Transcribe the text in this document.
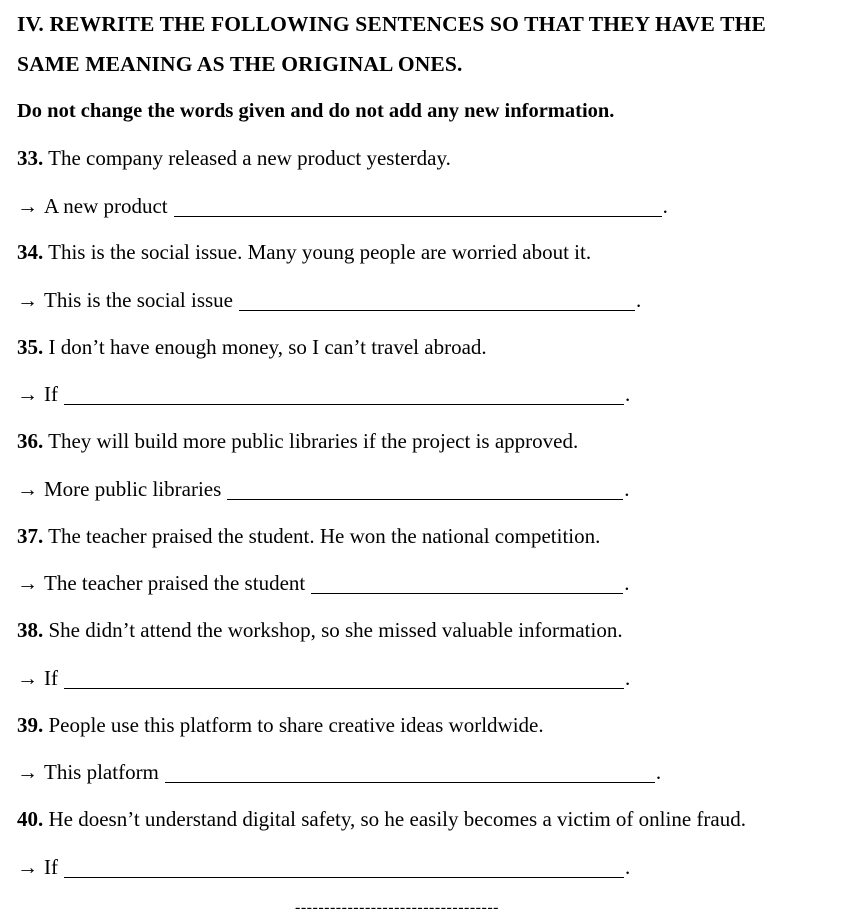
IV. REWRITE THE FOLLOWING SENTENCES SO THAT THEY HAVE THE
SAME MEANING AS THE ORIGINAL ONES.
Do not change the words given and do not add any new information.
33. The company released a new product yesterday.
→ A new product	.
34. This is the social issue. Many young people are worried about it.
→ This is the social issue	.
35. I don’t have enough money, so I can’t travel abroad.
→ If	.
36. They will build more public libraries if the project is approved.
→ More public libraries	.
37. The teacher praised the student. He won the national competition.
→ The teacher praised the student	.
38. She didn’t attend the workshop, so she missed valuable information.
→ If	.
39. People use this platform to share creative ideas worldwide.
→ This platform	.
40. He doesn’t understand digital safety, so he easily becomes a victim of online fraud.
→ If	.
-----------------------------------
